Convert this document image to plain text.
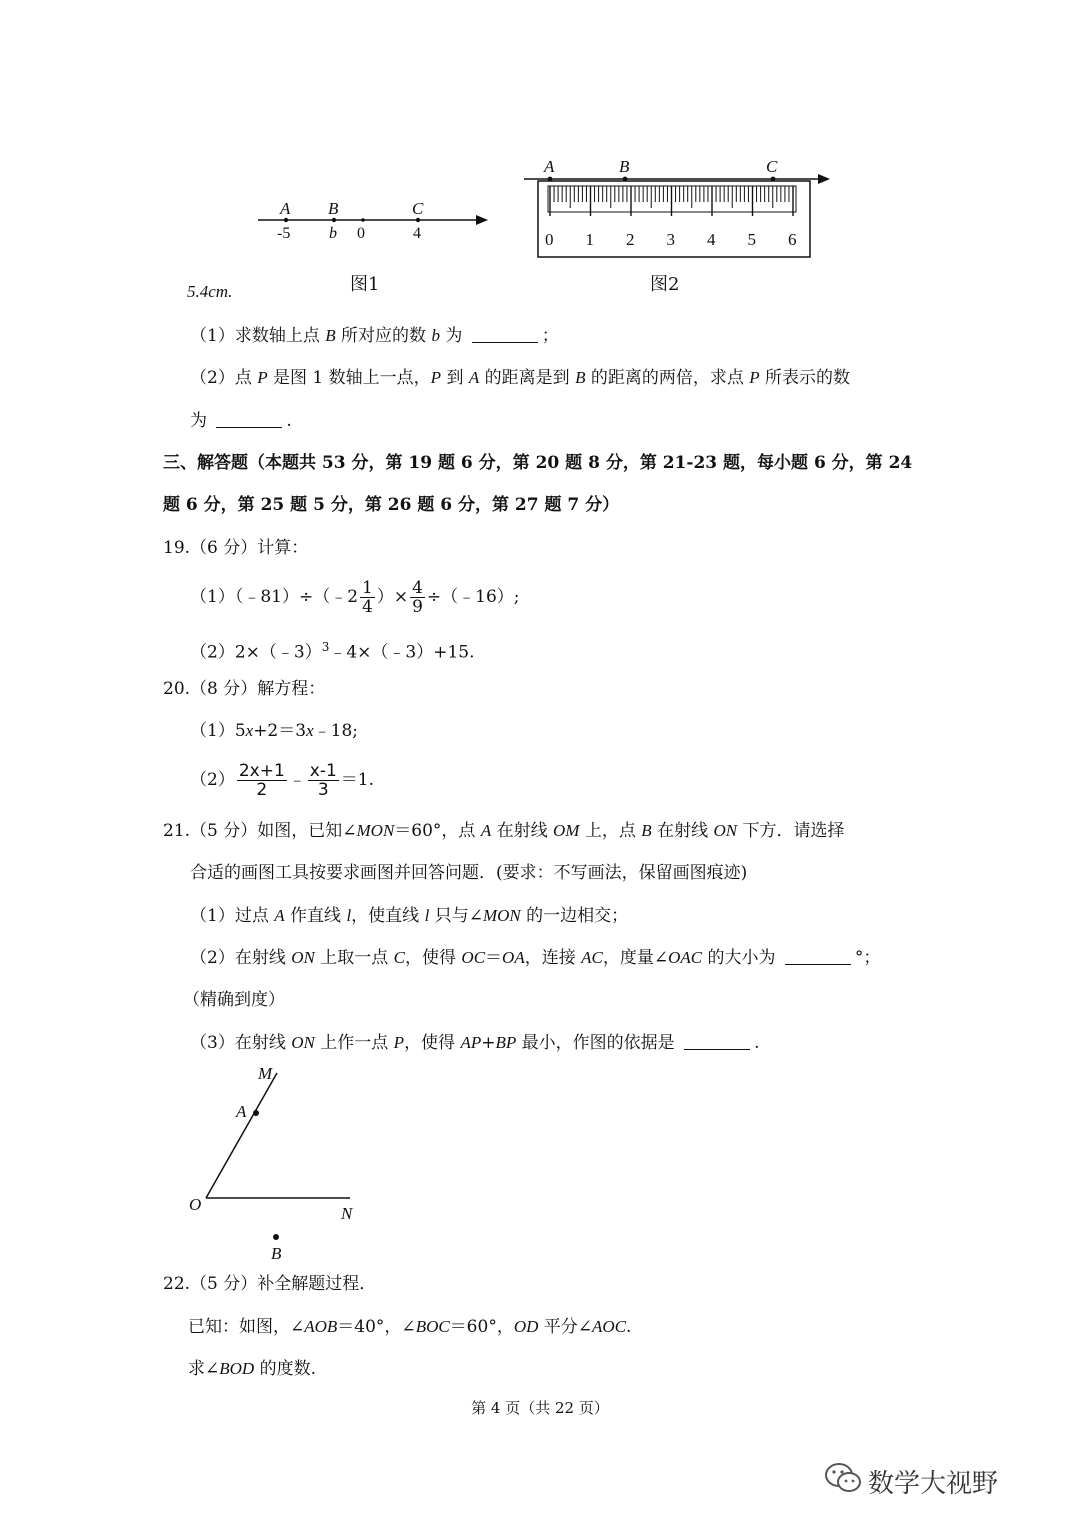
A B	C
-5 b 0	4
图1
A	B	C
0 1 2 3 4 5 6
图2
5.4cm.
（1）求数轴上点 B 所对应的数 b 为	；
（2）点 P 是图 1 数轴上一点，P 到 A 的距离是到 B 的距离的两倍，求点 P 所表示的数
为	.
三、解答题（本题共 53 分，第 19 题 6 分，第 20 题 8 分，第 21-23 题，每小题 6 分，第 24
题 6 分，第 25 题 5 分，第 26 题 6 分，第 27 题 7 分）
19.（6 分）计算：
（1）（﹣81）÷（﹣2 $\frac{1}{4}$ ）× $\frac{4}{9}$ ÷（﹣16）;
（2）2×（﹣3）$^3$﹣4×（﹣3）+15.
20.（8 分）解方程：
（1）5x+2＝3x﹣18;
$(2) \frac{2x+1}{2}$ ﹣ $\frac{x-1}{3} =1$.
21.（5 分）如图，已知∠MON＝60°，点 A 在射线 OM 上，点 B 在射线 ON 下方．请选择
合适的画图工具按要求画图并回答问题．(要求：不写画法，保留画图痕迹)
（1）过点 A 作直线 l，使直线 l 只与∠MON 的一边相交；
（2）在射线 ON 上取一点 C，使得 OC＝OA，连接 AC，度量∠OAC 的大小为	°；
（精确到度）
（3）在射线 ON 上作一点 P，使得 AP+BP 最小，作图的依据是	.
M
A
O	N
B
22.（5 分）补全解题过程．
已知：如图，∠AOB＝40°，∠BOC＝60°，OD 平分∠AOC.
求∠BOD 的度数.
第 4 页（共 22 页）
数学大视野
